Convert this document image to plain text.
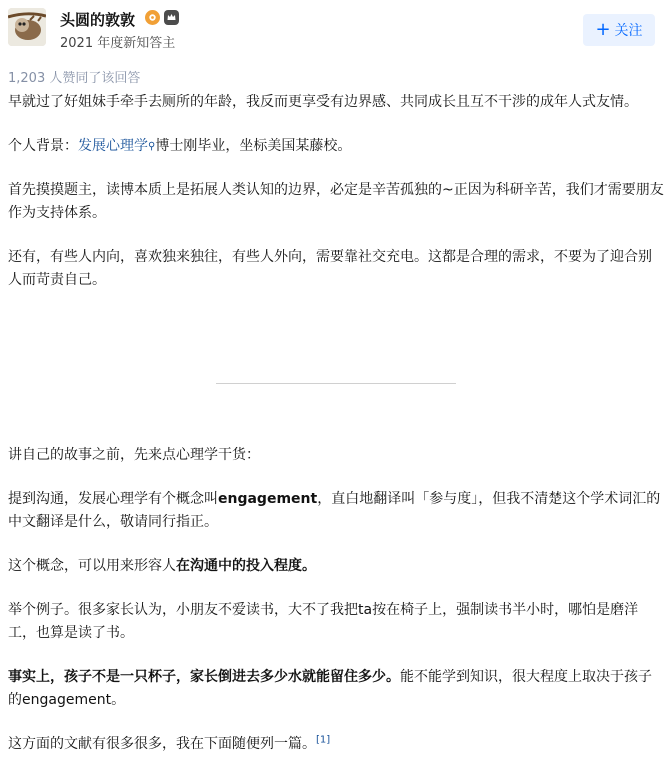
头圆的敦敦
2021 年度新知答主
+ 关注
1,203 人赞同了该回答

早就过了好姐妹手牵手去厕所的年龄，我反而更享受有边界感、共同成长且互不干涉的成年人式友情。

个人背景：发展心理学⚲博士刚毕业，坐标美国某藤校。

首先摸摸题主，读博本质上是拓展人类认知的边界，必定是辛苦孤独的~正因为科研辛苦，我们才需要朋友作为支持体系。

还有，有些人内向，喜欢独来独往，有些人外向，需要靠社交充电。这都是合理的需求，不要为了迎合别人而苛责自己。

讲自己的故事之前，先来点心理学干货：

提到沟通，发展心理学有个概念叫engagement，直白地翻译叫「参与度」，但我不清楚这个学术词汇的中文翻译是什么，敬请同行指正。

这个概念，可以用来形容人在沟通中的投入程度。

举个例子。很多家长认为，小朋友不爱读书，大不了我把ta按在椅子上，强制读书半小时，哪怕是磨洋工，也算是读了书。

事实上，孩子不是一只杯子，家长倒进去多少水就能留住多少。能不能学到知识，很大程度上取决于孩子的engagement。

这方面的文献有很多很多，我在下面随便列一篇。[1]
